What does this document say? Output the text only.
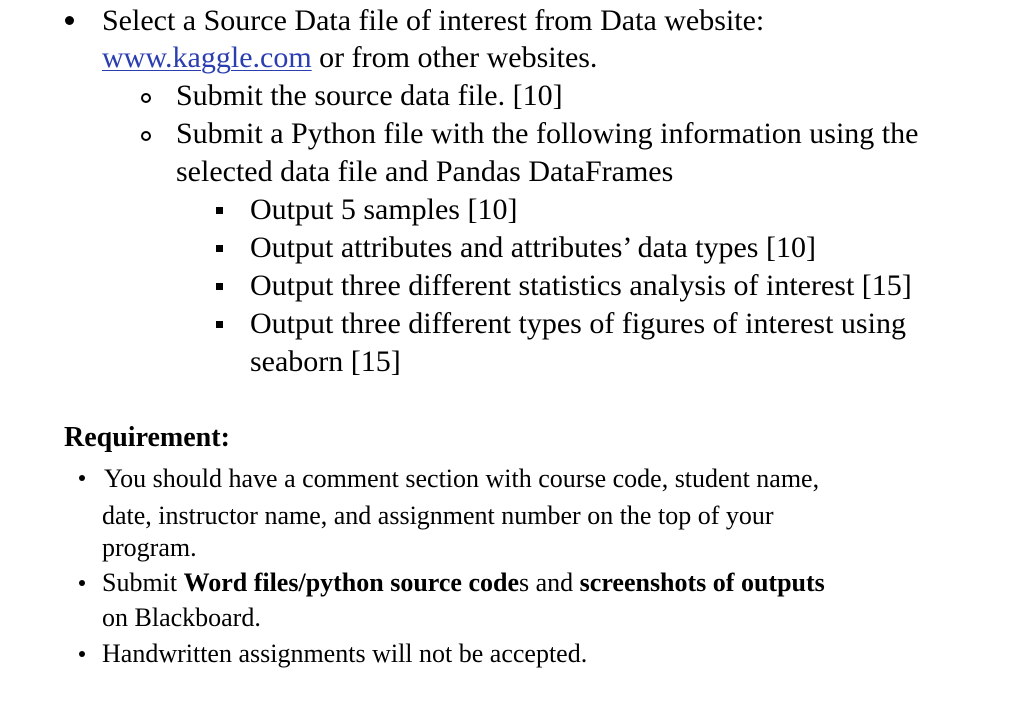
Select a Source Data file of interest from Data website:
www.kaggle.com or from other websites.
Submit the source data file. [10]
Submit a Python file with the following information using the
selected data file and Pandas DataFrames
Output 5 samples [10]
Output attributes and attributes’ data types [10]
Output three different statistics analysis of interest [15]
Output three different types of figures of interest using
seaborn [15]
Requirement:
You should have a comment section with course code, student name,
date, instructor name, and assignment number on the top of your
program.
Submit Word files/python source codes and screenshots of outputs
on Blackboard.
Handwritten assignments will not be accepted.
